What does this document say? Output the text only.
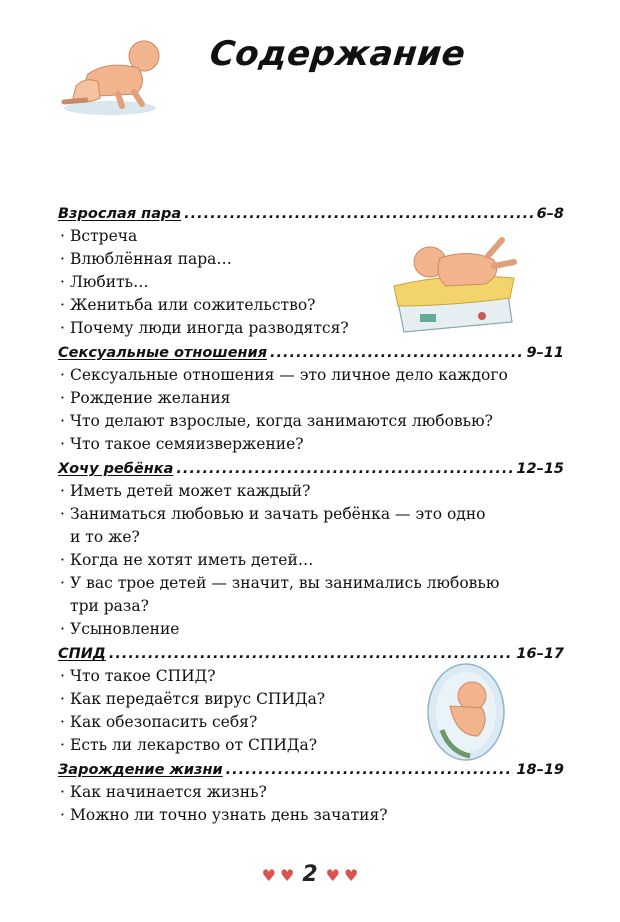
Содержание
Взрослая пара .....	6–8
· Встреча
· Влюблённая пара…
· Любить…
· Женитьба или сожительство?
· Почему люди иногда разводятся?
Сексуальные отношения .....	9–11
· Сексуальные отношения — это личное дело каждого
· Рождение желания
· Что делают взрослые, когда занимаются любовью?
· Что такое семяизвержение?
Хочу ребёнка .....	12–15
· Иметь детей может каждый?
· Заниматься любовью и зачать ребёнка — это одно
и то же?
· Когда не хотят иметь детей…
· У вас трое детей — значит, вы занимались любовью
три раза?
· Усыновление
СПИД .....	16–17
· Что такое СПИД?
· Как передаётся вирус СПИДа?
· Как обезопасить себя?
· Есть ли лекарство от СПИДа?
Зарождение жизни .....	18–19
· Как начинается жизнь?
· Можно ли точно узнать день зачатия?
♥ ♥ 2 ♥ ♥
